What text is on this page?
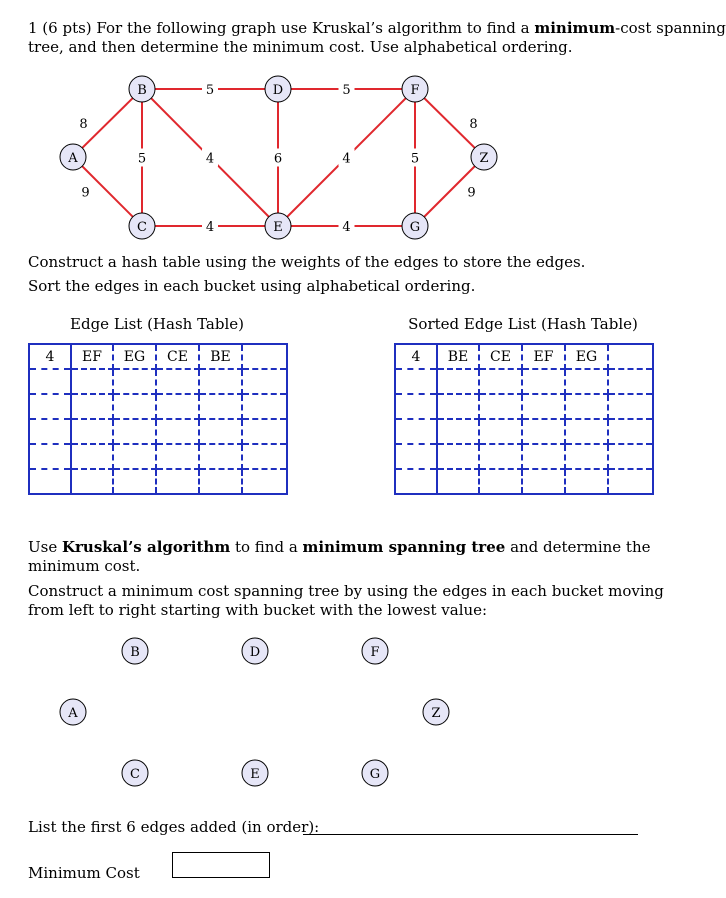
1 (6 pts) For the following graph use Kruskal’s algorithm to find a minimum-cost spanning
tree, and then determine the minimum cost. Use alphabetical ordering.
8
9
5
5
4
4
6
5
4
4
5
8
9
A
B
C
D
E
F
G
Z
Construct a hash table using the weights of the edges to store the edges.
Sort the edges in each bucket using alphabetical ordering.
Edge List (Hash Table)	Sorted Edge List (Hash Table)
4	EF	EG	CE	BE	

						4	BE	CE	EF	EG	

Use Kruskal’s algorithm to find a minimum spanning tree and determine the minimum cost.
Construct a minimum cost spanning tree by using the edges in each bucket moving from left to right starting with bucket with the lowest value:
A
B
C
D
E
F
G
Z
List the first 6 edges added (in order):
Minimum Cost
